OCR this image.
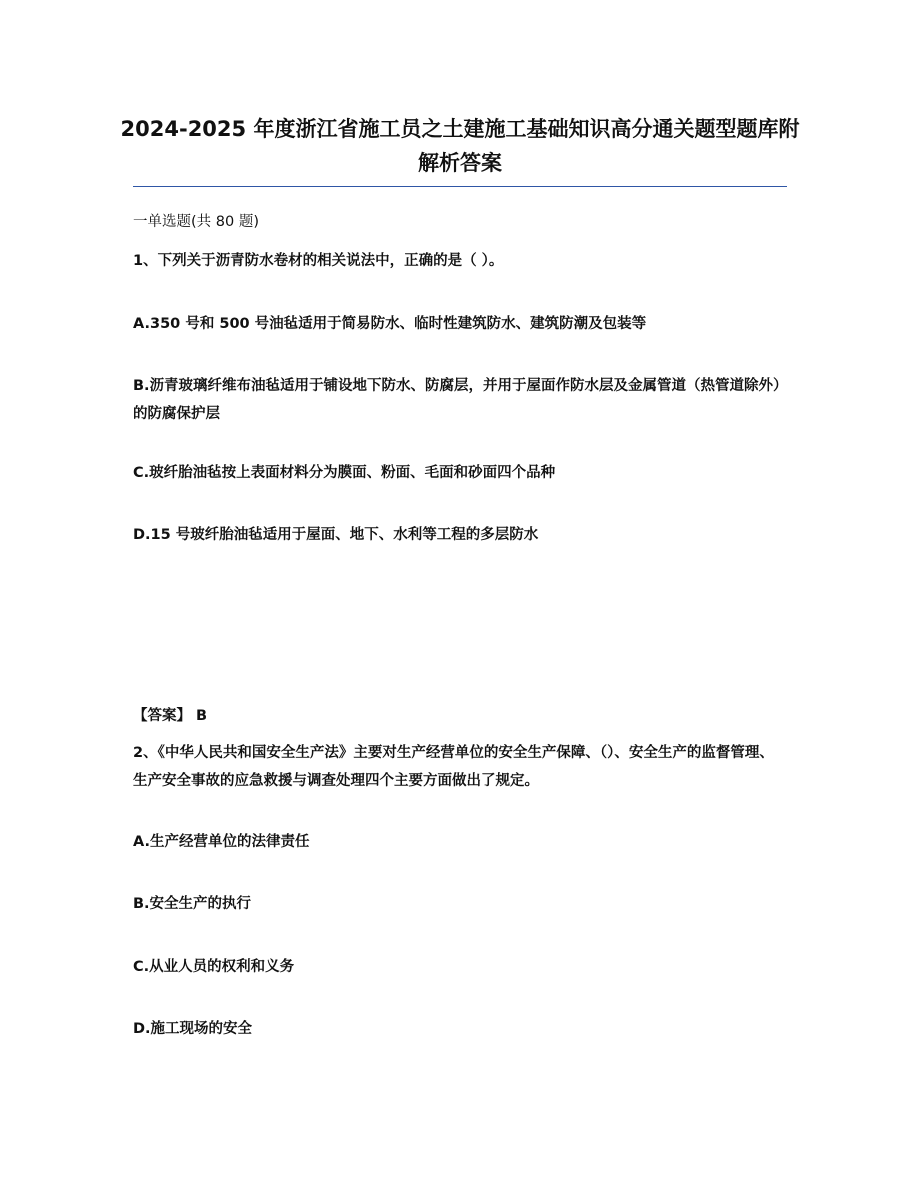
2024-2025 年度浙江省施工员之土建施工基础知识高分通关题型题库附解析答案

一单选题(共 80 题)

1、下列关于沥青防水卷材的相关说法中，正确的是（ ）。

A.350 号和 500 号油毡适用于简易防水、临时性建筑防水、建筑防潮及包装等

B.沥青玻璃纤维布油毡适用于铺设地下防水、防腐层，并用于屋面作防水层及金属管道（热管道除外）的防腐保护层

C.玻纤胎油毡按上表面材料分为膜面、粉面、毛面和砂面四个品种

D.15 号玻纤胎油毡适用于屋面、地下、水利等工程的多层防水

【答案】 B

2、《中华人民共和国安全生产法》主要对生产经营单位的安全生产保障、（）、安全生产的监督管理、生产安全事故的应急救援与调查处理四个主要方面做出了规定。

A.生产经营单位的法律责任

B.安全生产的执行

C.从业人员的权利和义务

D.施工现场的安全
